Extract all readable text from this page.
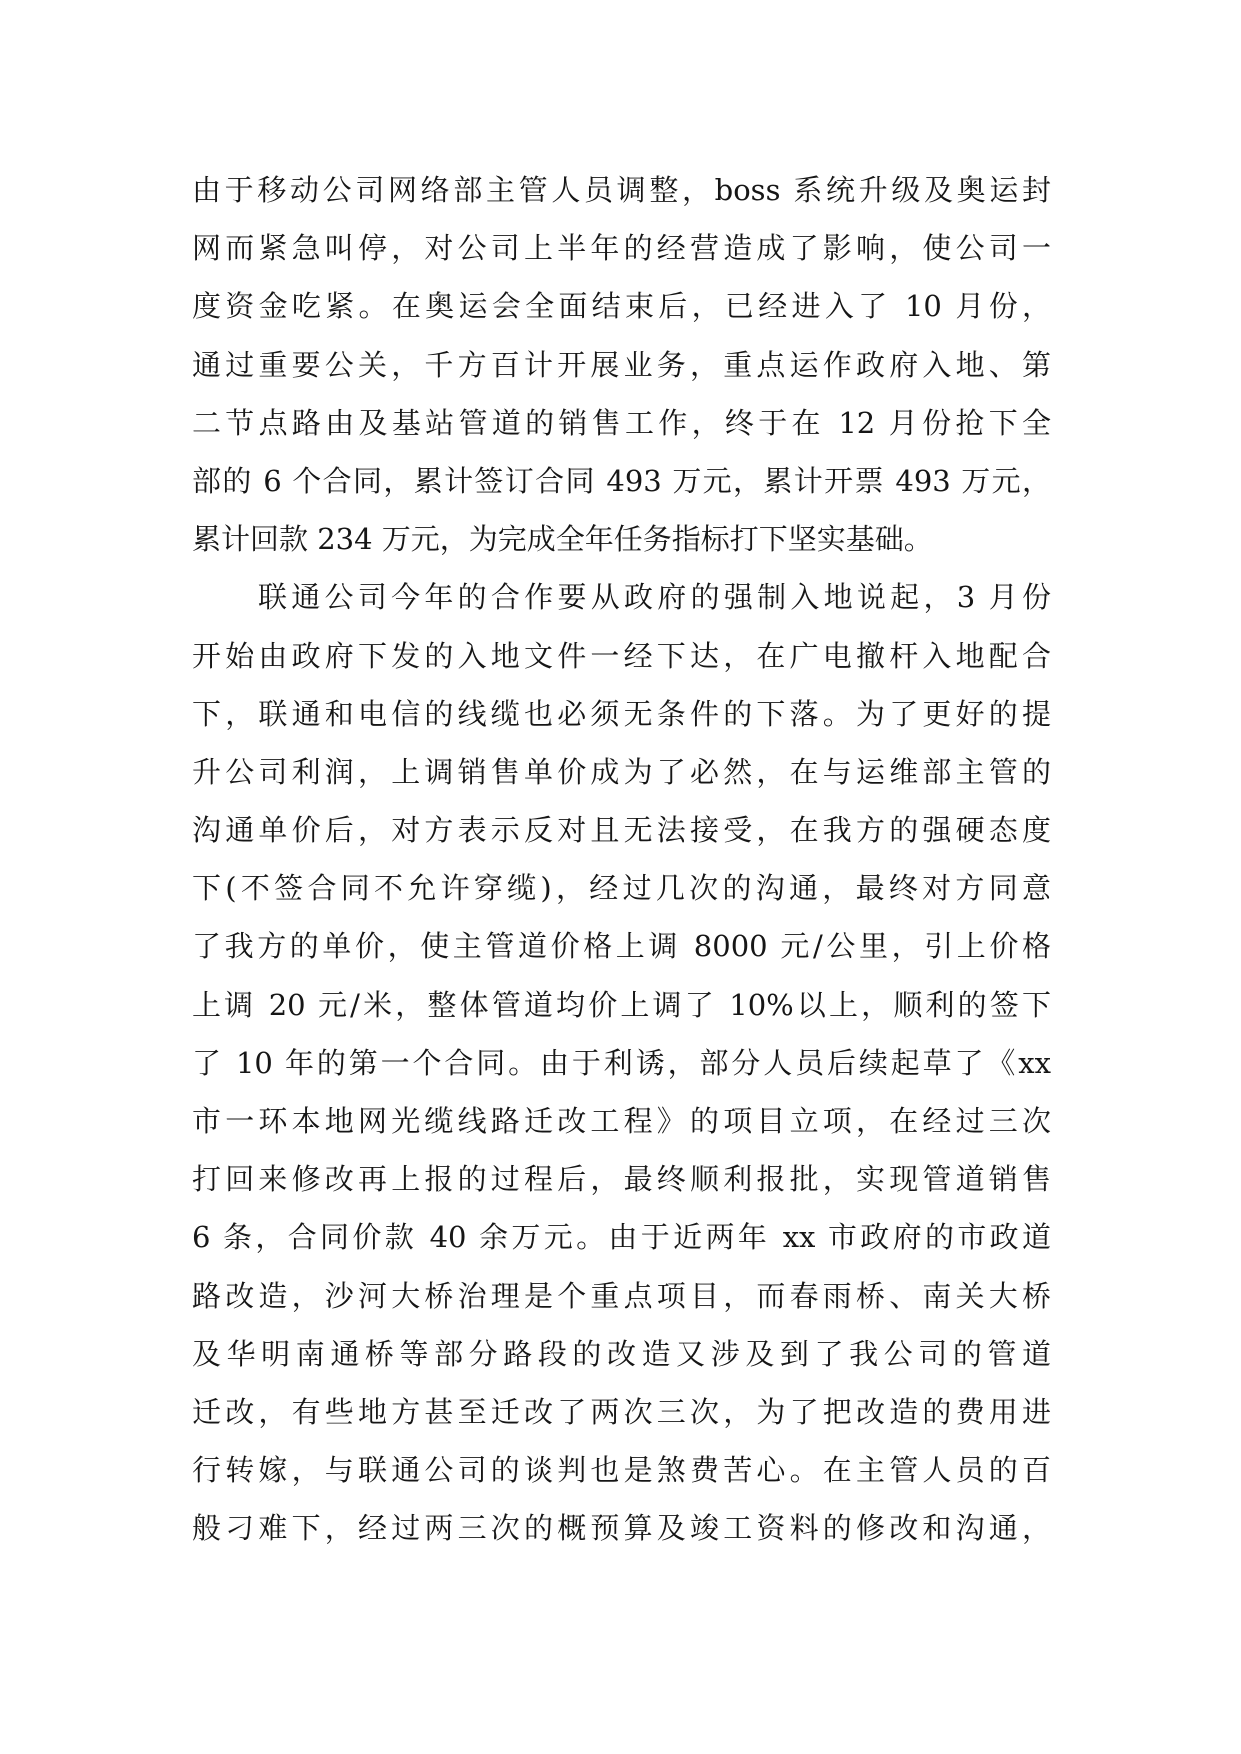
由于移动公司网络部主管人员调整，boss 系统升级及奥运封
网而紧急叫停，对公司上半年的经营造成了影响，使公司一
度资金吃紧。在奥运会全面结束后，已经进入了 10 月份，
通过重要公关，千方百计开展业务，重点运作政府入地、第
二节点路由及基站管道的销售工作，终于在 12 月份抢下全
部的 6 个合同，累计签订合同 493 万元，累计开票 493 万元，
累计回款 234 万元，为完成全年任务指标打下坚实基础。
联通公司今年的合作要从政府的强制入地说起，3 月份
开始由政府下发的入地文件一经下达，在广电撤杆入地配合
下，联通和电信的线缆也必须无条件的下落。为了更好的提
升公司利润，上调销售单价成为了必然，在与运维部主管的
沟通单价后，对方表示反对且无法接受，在我方的强硬态度
下(不签合同不允许穿缆)，经过几次的沟通，最终对方同意
了我方的单价，使主管道价格上调 8000 元/公里，引上价格
上调 20 元/米，整体管道均价上调了 10%以上，顺利的签下
了 10 年的第一个合同。由于利诱，部分人员后续起草了《xx
市一环本地网光缆线路迁改工程》的项目立项，在经过三次
打回来修改再上报的过程后，最终顺利报批，实现管道销售
6 条，合同价款 40 余万元。由于近两年 xx 市政府的市政道
路改造，沙河大桥治理是个重点项目，而春雨桥、南关大桥
及华明南通桥等部分路段的改造又涉及到了我公司的管道
迁改，有些地方甚至迁改了两次三次，为了把改造的费用进
行转嫁，与联通公司的谈判也是煞费苦心。在主管人员的百
般刁难下，经过两三次的概预算及竣工资料的修改和沟通，
